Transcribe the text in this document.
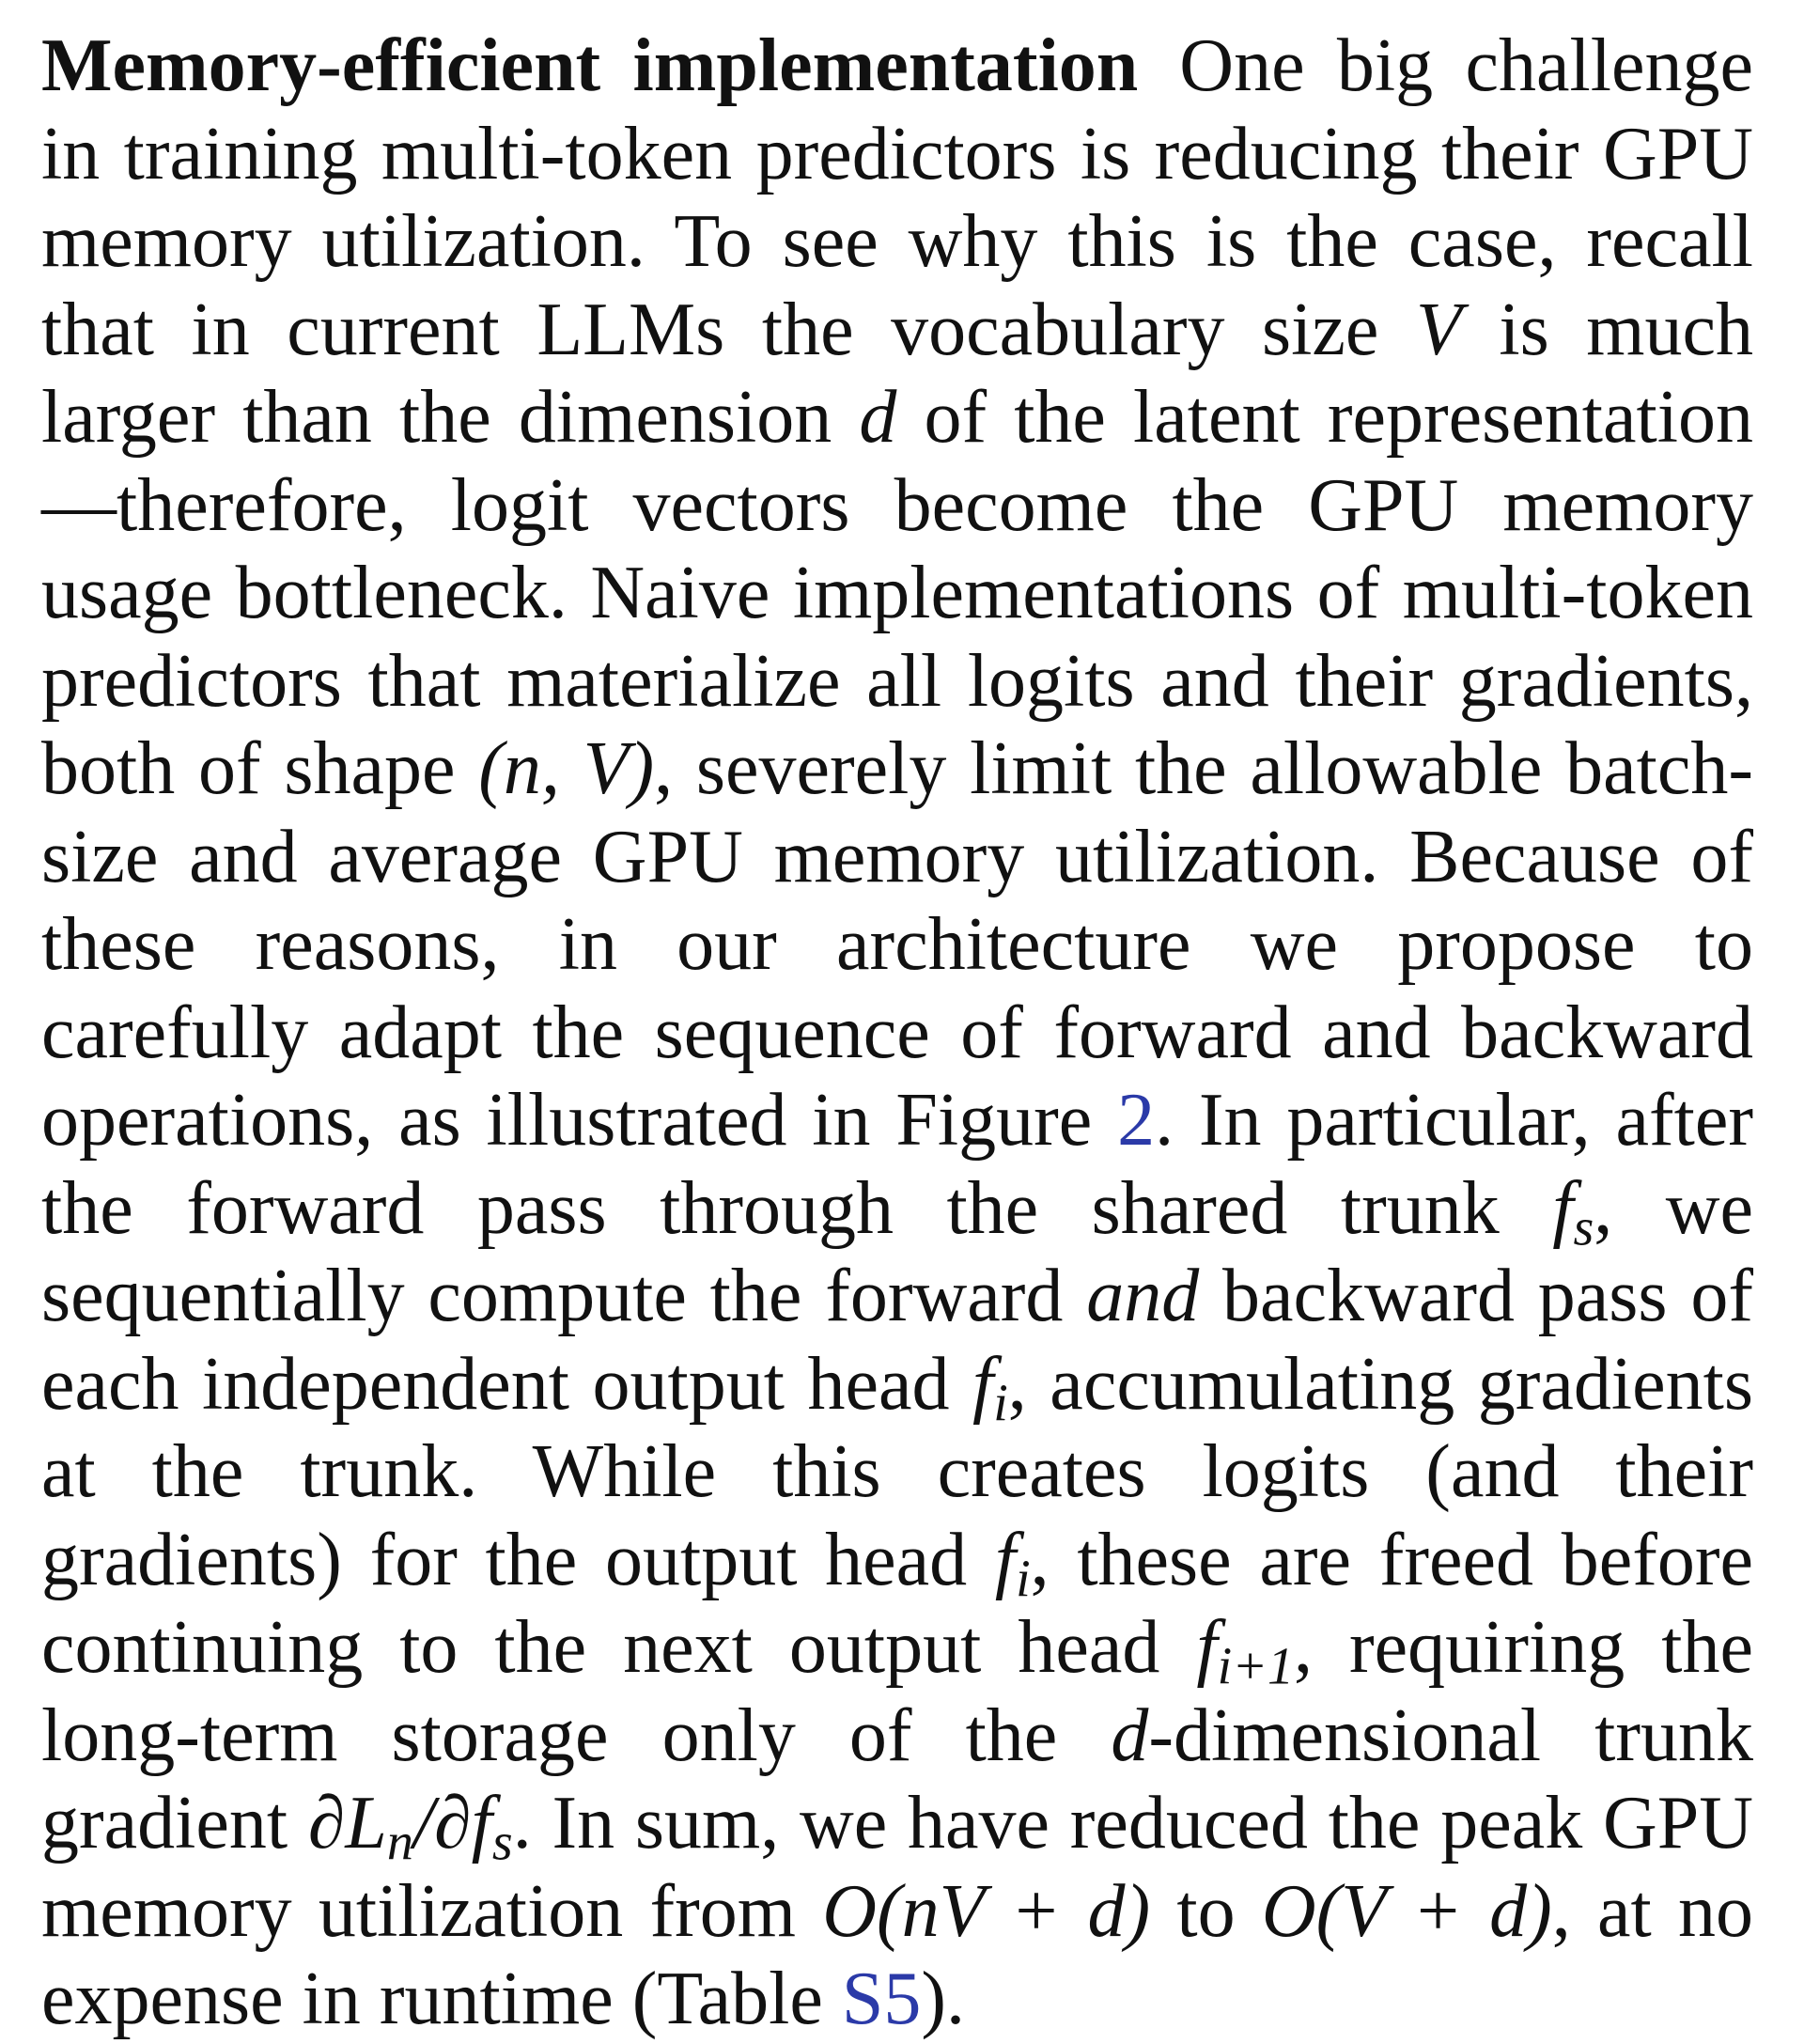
Memory-efficient implementation One big challenge in training multi-token predictors is reducing their GPU memory utilization. To see why this is the case, recall that in current LLMs the vocabulary size V is much larger than the dimension d of the latent representation—therefore, logit vectors become the GPU memory usage bottleneck. Naive implementations of multi-token predictors that materialize all logits and their gradients, both of shape (n, V), severely limit the allowable batch-size and average GPU memory utilization. Because of these reasons, in our architecture we propose to carefully adapt the sequence of forward and backward operations, as illustrated in Figure 2. In particular, after the forward pass through the shared trunk $f_s$, we sequentially compute the forward and backward pass of each independent output head $f_i$, accumulating gradients at the trunk. While this creates logits (and their gradients) for the output head $f_i$, these are freed before continuing to the next output head $f_{i+1}$, requiring the long-term storage only of the d-dimensional trunk gradient $\partial L_n/\partial f_s$. In sum, we have reduced the peak GPU memory utilization from O(nV + d) to O(V + d), at no expense in runtime (Table S5).
